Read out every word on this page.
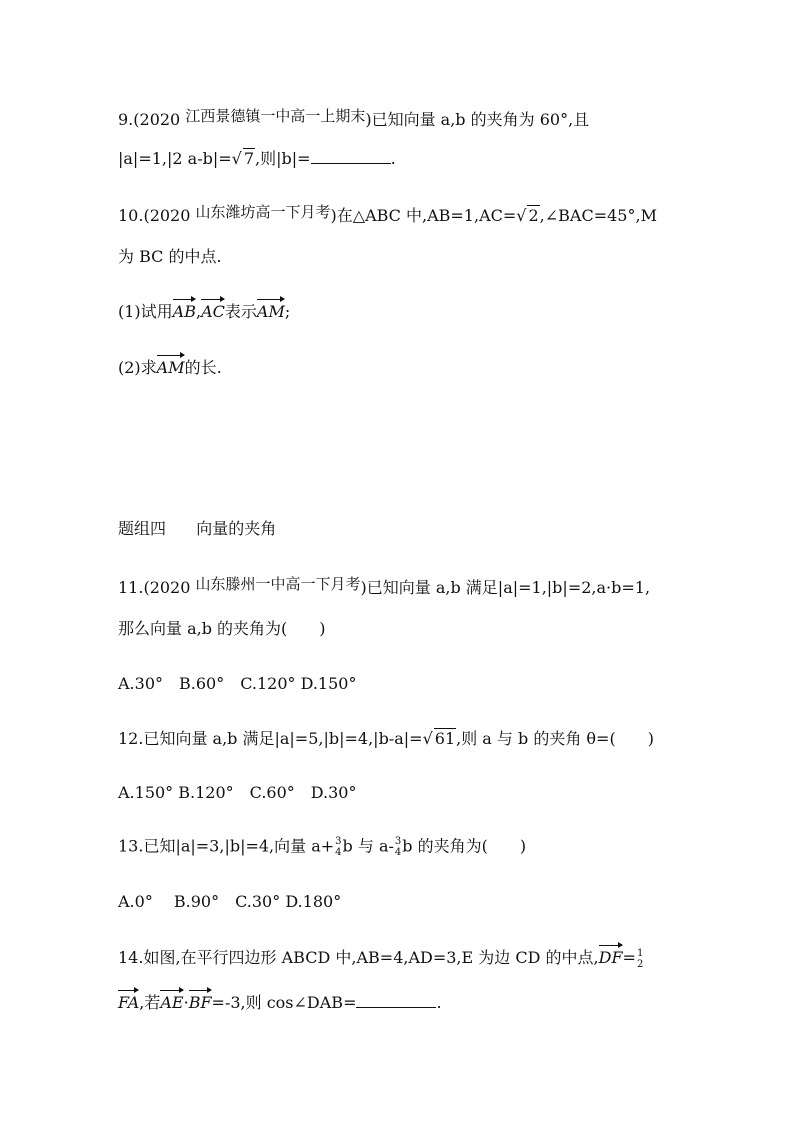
9.(2020 江西景德镇一中高一上期末)已知向量 a,b 的夹角为 60°,且
|a|=1,|2 a-b|=√ 7,则|b|=	.
10.(2020 山东潍坊高一下月考)在△ABC 中,AB=1,AC=√ 2,∠BAC=45°,M
为 BC 的中点.
(1)试用AB,AC表示AM;
(2)求AM的长.
题组四 向量的夹角
11.(2020 山东滕州一中高一下月考)已知向量 a,b 满足|a|=1,|b|=2,a·b=1,
那么向量 a,b 的夹角为(　　)
A.30°　B.60°　C.120° D.150°
12.已知向量 a,b 满足|a|=5,|b|=4,|b-a|=√ 61,则 a 与 b 的夹角 θ=(　　)
A.150° B.120°　C.60°　D.30°
13.已知|a|=3,|b|=4,向量 a+ 3
4 b 与 a- 3
4 b 的夹角为(　　)
A.0°　 B.90°　C.30° D.180°
14.如图,在平行四边形 ABCD 中,AB=4,AD=3,E 为边 CD 的中点,DF= 1
2
FA,若AE·BF=-3,则 cos∠DAB=	.
